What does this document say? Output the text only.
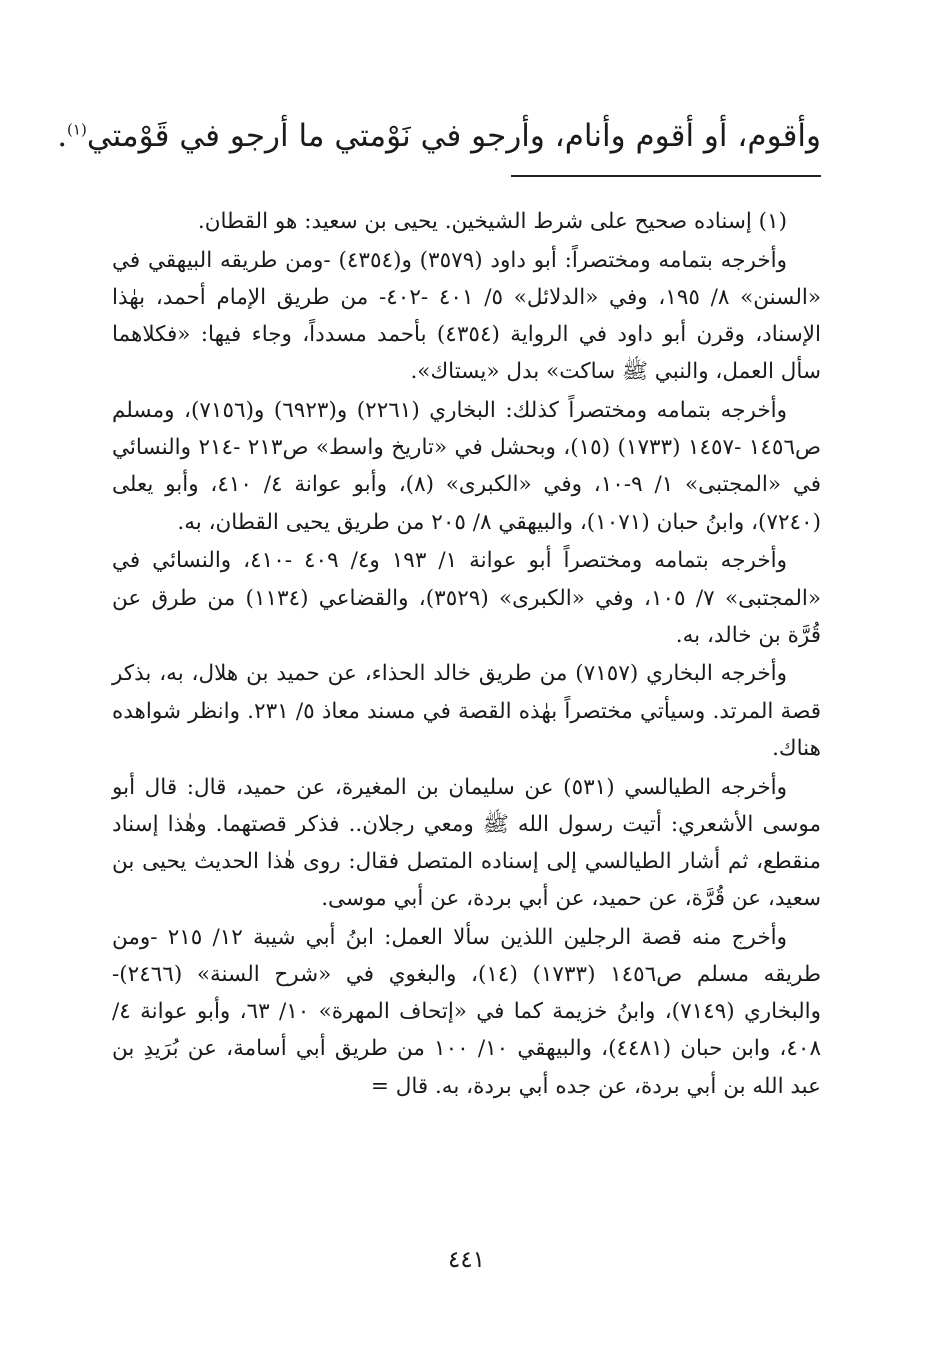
وأقوم، أو أقوم وأنام، وأرجو في نَوْمتي ما أرجو في قَوْمتي$^{(١)}$.

(١) إسناده صحيح على شرط الشيخين. يحيى بن سعيد: هو القطان.

وأخرجه بتمامه ومختصراً: أبو داود (٣٥٧٩) و(٤٣٥٤) -ومن طريقه البيهقي في «السنن» ٨/ ١٩٥، وفي «الدلائل» ٥/ ٤٠١ -٤٠٢- من طريق الإمام أحمد، بهٰذا الإسناد، وقرن أبو داود في الرواية (٤٣٥٤) بأحمد مسدداً، وجاء فيها: «فكلاهما سأل العمل، والنبي ﷺ ساكت» بدل «يستاك».

وأخرجه بتمامه ومختصراً كذلك: البخاري (٢٢٦١) و(٦٩٢٣) و(٧١٥٦)، ومسلم ص١٤٥٦ -١٤٥٧ (١٧٣٣) (١٥)، وبحشل في «تاريخ واسط» ص٢١٣ -٢١٤ والنسائي في «المجتبى» ١/ ٩-١٠، وفي «الكبرى» (٨)، وأبو عوانة ٤/ ٤١٠، وأبو يعلى (٧٢٤٠)، وابنُ حبان (١٠٧١)، والبيهقي ٨/ ٢٠٥ من طريق يحيى القطان، به.

وأخرجه بتمامه ومختصراً أبو عوانة ١/ ١٩٣ و٤/ ٤٠٩ -٤١٠، والنسائي في «المجتبى» ٧/ ١٠٥، وفي «الكبرى» (٣٥٢٩)، والقضاعي (١١٣٤) من طرق عن قُرَّة بن خالد، به.

وأخرجه البخاري (٧١٥٧) من طريق خالد الحذاء، عن حميد بن هلال، به، بذكر قصة المرتد. وسيأتي مختصراً بهٰذه القصة في مسند معاذ ٥/ ٢٣١. وانظر شواهده هناك.

وأخرجه الطيالسي (٥٣١) عن سليمان بن المغيرة، عن حميد، قال: قال أبو موسى الأشعري: أتيت رسول الله ﷺ ومعي رجلان.. فذكر قصتهما. وهٰذا إسناد منقطع، ثم أشار الطيالسي إلى إسناده المتصل فقال: روى هٰذا الحديث يحيى بن سعيد، عن قُرَّة، عن حميد، عن أبي بردة، عن أبي موسى.

وأخرج منه قصة الرجلين اللذين سألا العمل: ابنُ أبي شيبة ١٢/ ٢١٥ -ومن طريقه مسلم ص١٤٥٦ (١٧٣٣) (١٤)، والبغوي في «شرح السنة» (٢٤٦٦)- والبخاري (٧١٤٩)، وابنُ خزيمة كما في «إتحاف المهرة» ١٠/ ٦٣، وأبو عوانة ٤/ ٤٠٨، وابن حبان (٤٤٨١)، والبيهقي ١٠/ ١٠٠ من طريق أبي أسامة، عن بُرَيدِ بن عبد الله بن أبي بردة، عن جده أبي بردة، به. قال =

٤٤١
